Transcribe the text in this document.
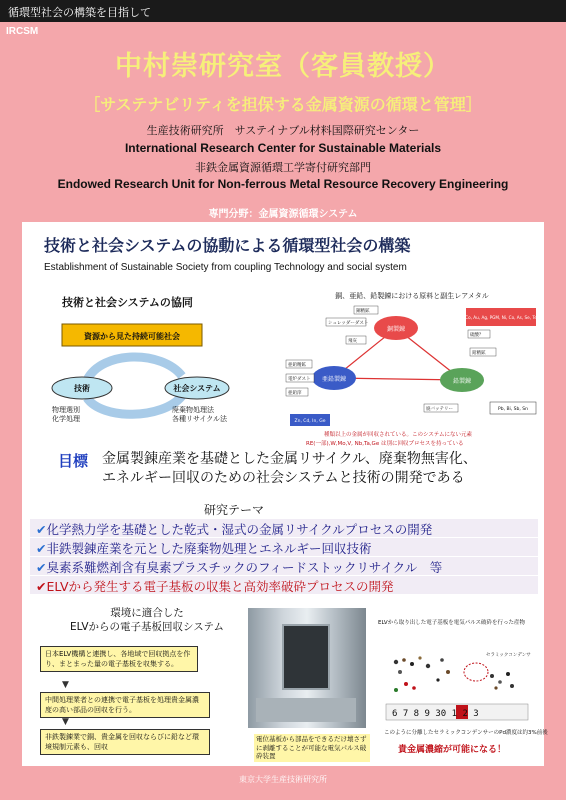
循環型社会の構築を目指して
IRCSM
中村崇研究室（客員教授）
［サステナビリティを担保する金属資源の循環と管理］
生産技術研究所　サステイナブル材料国際研究センター
International Research Center for Sustainable Materials
非鉄金属資源循環工学寄付研究部門
Endowed Research Unit for Non-ferrous Metal Resource Recovery Engineering
専門分野：金属資源循環システム
技術と社会システムの協動による循環型社会の構築
Establishment of Sustainable Society from coupling Technology and social system
技術と社会システムの協同
資源から見た持続可能社会
技術	社会システム
物理選別化学処理
廃棄物処理法各種リサイクル法
銅、亜鉛、鉛製錬における原料と副生レアメタル
銅製錬
亜鉛製錬	鉛製錬
Co, Au, Ag, PGM, Ni, Co, As, Se, Te
Zn, Cd, In, Ge
Pb, Bi, Sb, Sn
銅精鉱
シュレッダーダスト
飛灰
亜鉛精鉱
電炉ダスト
亜鉛滓
鉛精鉱
廃バッテリー
硫酸？
種類以上の金属が回収されている。このシステムにない元素
RE(一部),W,Mo,V, Nb,Ta,Ge は別に回収プロセスを持っている
目標 金属製錬産業を基礎とした金属リサイクル、廃棄物無害化、
エネルギー回収のための社会システムと技術の開発である
研究テーマ
✔化学熱力学を基礎とした乾式・湿式の金属リサイクルプロセスの開発
✔非鉄製錬産業を元とした廃棄物処理とエネルギー回収技術
✔臭素系難燃剤含有臭素プラスチックのフィードストックリサイクル　等
✔ELVから発生する電子基板の収集と高効率破砕プロセスの開発
環境に適合した
ELVからの電子基板回収システム
日本ELV機構と連携し、各地域で回収拠点を作り、まとまった量の電子基板を収集する。
▼
中間処理業者との連携で電子基板を処理貴金属濃度の高い部品の回収を行う。
▼
非鉄製錬業で銅、貴金属を回収ならびに鉛など環境規制元素も、回収
電位基板から部品をできるだけ壊さずに剥離することが可能な電気パルス破砕装置
ELVから取り出した電子基板を電気パルス破砕を行った産物
セラミックコンデンサ
6 7 8 9 30 1 2 3
このように分離したセラミックコンデンサーのPd濃度は約3%前後
貴金属濃縮が可能になる！
東京大学生産技術研究所
